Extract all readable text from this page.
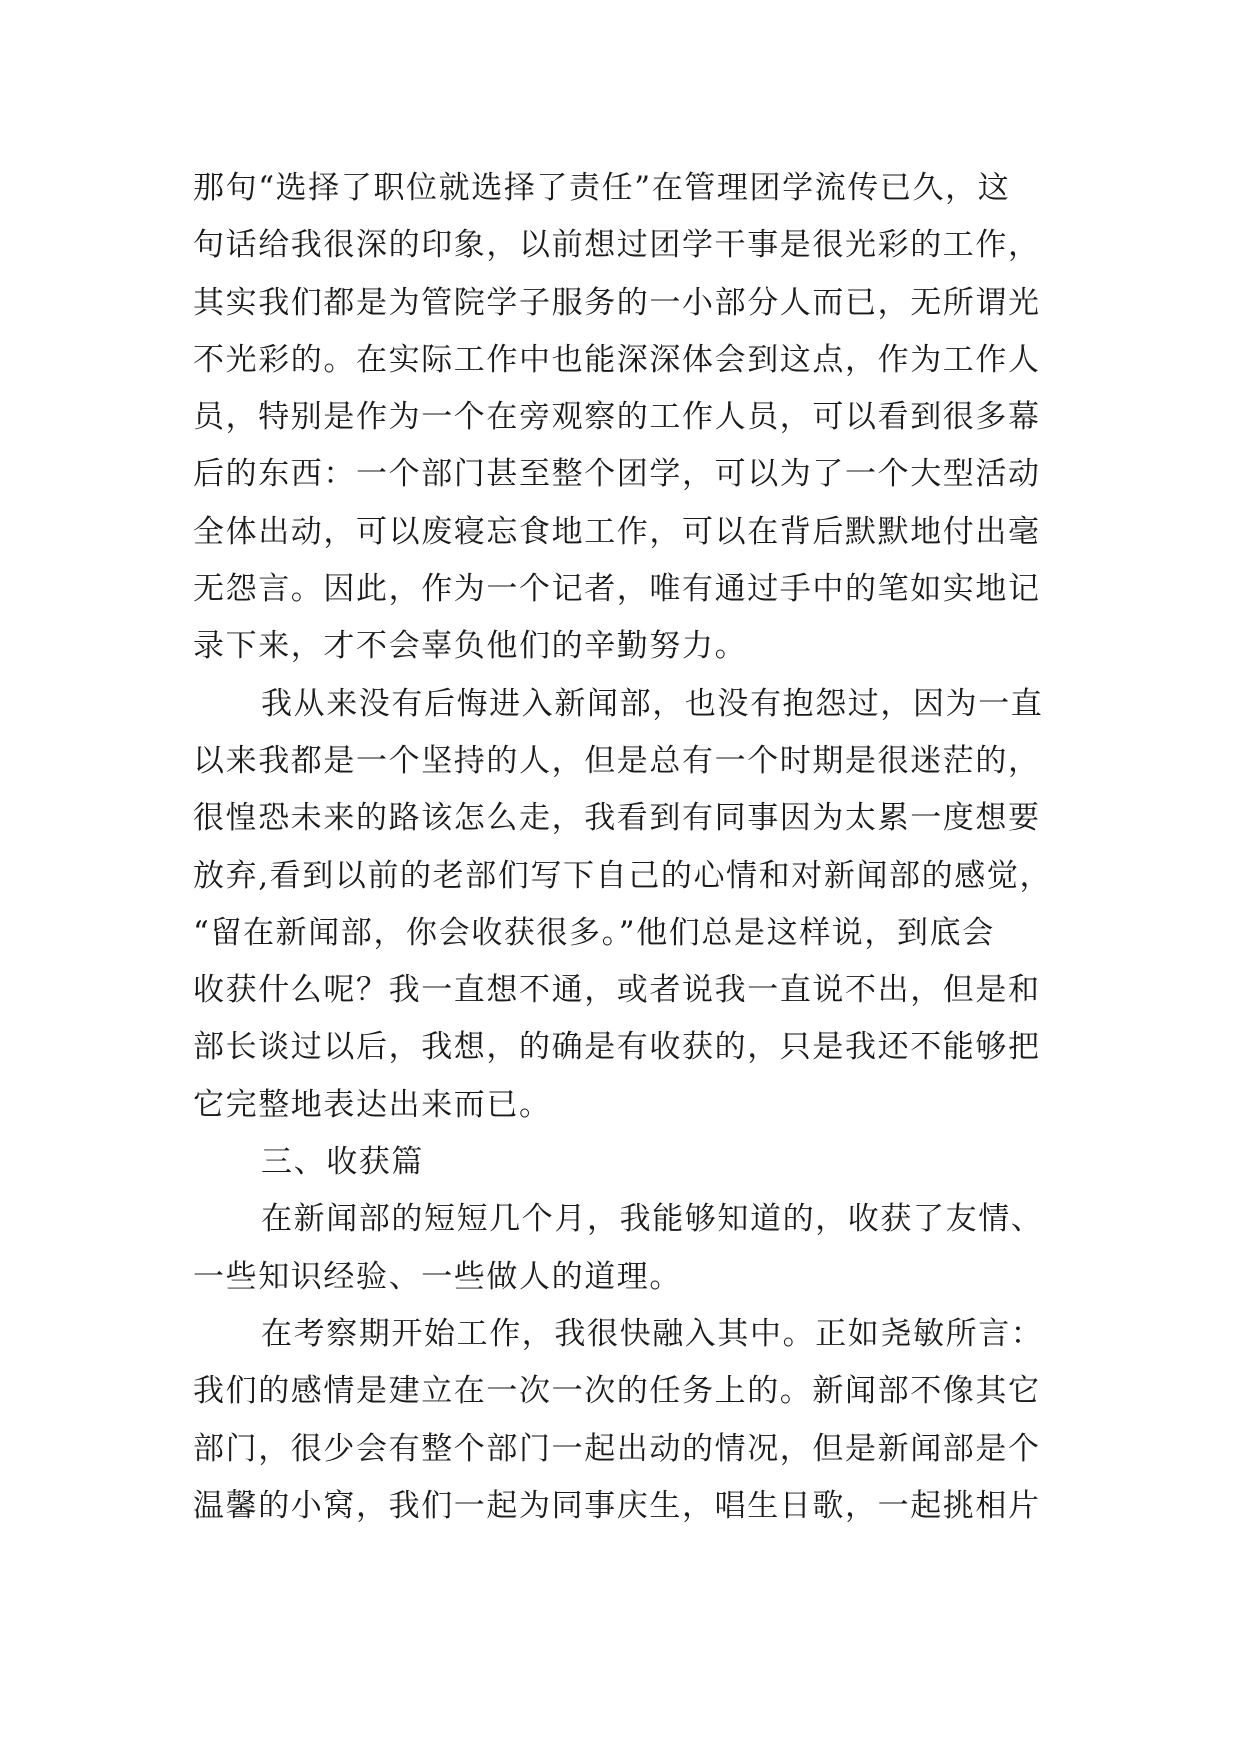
那句“选择了职位就选择了责任”在管理团学流传已久，这

句话给我很深的印象，以前想过团学干事是很光彩的工作，

其实我们都是为管院学子服务的一小部分人而已，无所谓光

不光彩的。在实际工作中也能深深体会到这点，作为工作人

员，特别是作为一个在旁观察的工作人员，可以看到很多幕

后的东西：一个部门甚至整个团学，可以为了一个大型活动

全体出动，可以废寝忘食地工作，可以在背后默默地付出毫

无怨言。因此，作为一个记者，唯有通过手中的笔如实地记

录下来，才不会辜负他们的辛勤努力。

我从来没有后悔进入新闻部，也没有抱怨过，因为一直

以来我都是一个坚持的人，但是总有一个时期是很迷茫的，

很惶恐未来的路该怎么走，我看到有同事因为太累一度想要

放弃,看到以前的老部们写下自己的心情和对新闻部的感觉，

“留在新闻部，你会收获很多。”他们总是这样说，到底会

收获什么呢？我一直想不通，或者说我一直说不出，但是和

部长谈过以后，我想，的确是有收获的，只是我还不能够把

它完整地表达出来而已。

三、收获篇

在新闻部的短短几个月，我能够知道的，收获了友情、

一些知识经验、一些做人的道理。

在考察期开始工作，我很快融入其中。正如尧敏所言：

我们的感情是建立在一次一次的任务上的。新闻部不像其它

部门，很少会有整个部门一起出动的情况，但是新闻部是个

温馨的小窝，我们一起为同事庆生，唱生日歌，一起挑相片
